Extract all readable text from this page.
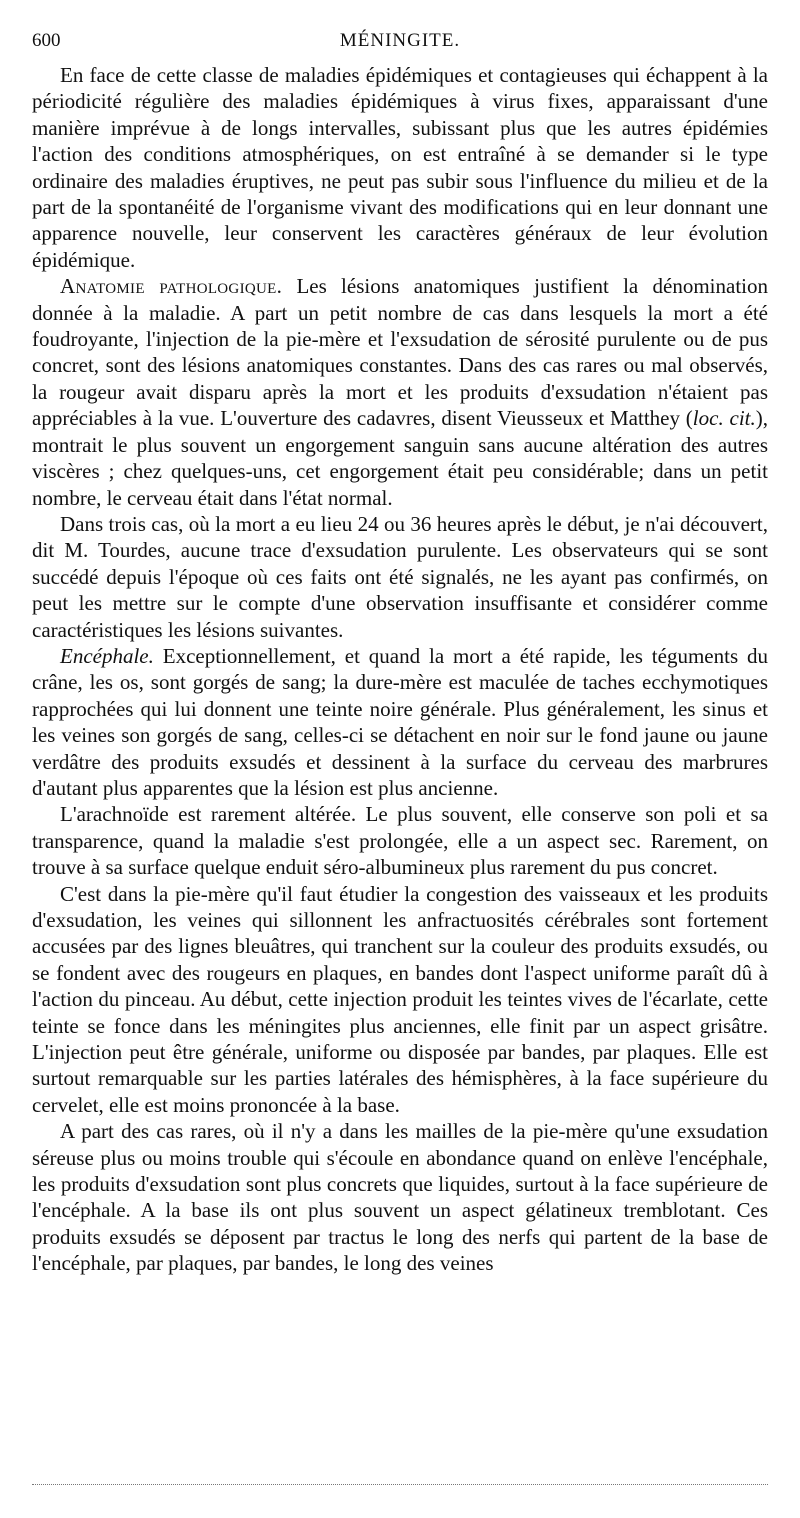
600	MÉNINGITE.

En face de cette classe de maladies épidémiques et contagieuses qui échappent à la périodicité régulière des maladies épidémiques à virus fixes, apparaissant d'une manière imprévue à de longs intervalles, subissant plus que les autres épidémies l'action des conditions atmosphériques, on est entraîné à se demander si le type ordinaire des maladies éruptives, ne peut pas subir sous l'influence du milieu et de la part de la spontanéité de l'organisme vivant des modifications qui en leur donnant une apparence nouvelle, leur conservent les caractères généraux de leur évolution épidémique.

Anatomie pathologique. Les lésions anatomiques justifient la dénomination donnée à la maladie. A part un petit nombre de cas dans lesquels la mort a été foudroyante, l'injection de la pie-mère et l'exsudation de sérosité purulente ou de pus concret, sont des lésions anatomiques constantes. Dans des cas rares ou mal observés, la rougeur avait disparu après la mort et les produits d'exsudation n'étaient pas appréciables à la vue. L'ouverture des cadavres, disent Vieusseux et Matthey (loc. cit.), montrait le plus souvent un engorgement sanguin sans aucune altération des autres viscères ; chez quelques-uns, cet engorgement était peu considérable; dans un petit nombre, le cerveau était dans l'état normal.

Dans trois cas, où la mort a eu lieu 24 ou 36 heures après le début, je n'ai découvert, dit M. Tourdes, aucune trace d'exsudation purulente. Les observateurs qui se sont succédé depuis l'époque où ces faits ont été signalés, ne les ayant pas confirmés, on peut les mettre sur le compte d'une observation insuffisante et considérer comme caractéristiques les lésions suivantes.

Encéphale. Exceptionnellement, et quand la mort a été rapide, les téguments du crâne, les os, sont gorgés de sang; la dure-mère est maculée de taches ecchymotiques rapprochées qui lui donnent une teinte noire générale. Plus généralement, les sinus et les veines son gorgés de sang, celles-ci se détachent en noir sur le fond jaune ou jaune verdâtre des produits exsudés et dessinent à la surface du cerveau des marbrures d'autant plus apparentes que la lésion est plus ancienne.

L'arachnoïde est rarement altérée. Le plus souvent, elle conserve son poli et sa transparence, quand la maladie s'est prolongée, elle a un aspect sec. Rarement, on trouve à sa surface quelque enduit séro-albumineux plus rarement du pus concret.

C'est dans la pie-mère qu'il faut étudier la congestion des vaisseaux et les produits d'exsudation, les veines qui sillonnent les anfractuosités cérébrales sont fortement accusées par des lignes bleuâtres, qui tranchent sur la couleur des produits exsudés, ou se fondent avec des rougeurs en plaques, en bandes dont l'aspect uniforme paraît dû à l'action du pinceau. Au début, cette injection produit les teintes vives de l'écarlate, cette teinte se fonce dans les méningites plus anciennes, elle finit par un aspect grisâtre. L'injection peut être générale, uniforme ou disposée par bandes, par plaques. Elle est surtout remarquable sur les parties latérales des hémisphères, à la face supérieure du cervelet, elle est moins prononcée à la base.

A part des cas rares, où il n'y a dans les mailles de la pie-mère qu'une exsudation séreuse plus ou moins trouble qui s'écoule en abondance quand on enlève l'encéphale, les produits d'exsudation sont plus concrets que liquides, surtout à la face supérieure de l'encéphale. A la base ils ont plus souvent un aspect gélatineux tremblotant. Ces produits exsudés se déposent par tractus le long des nerfs qui partent de la base de l'encéphale, par plaques, par bandes, le long des veines
